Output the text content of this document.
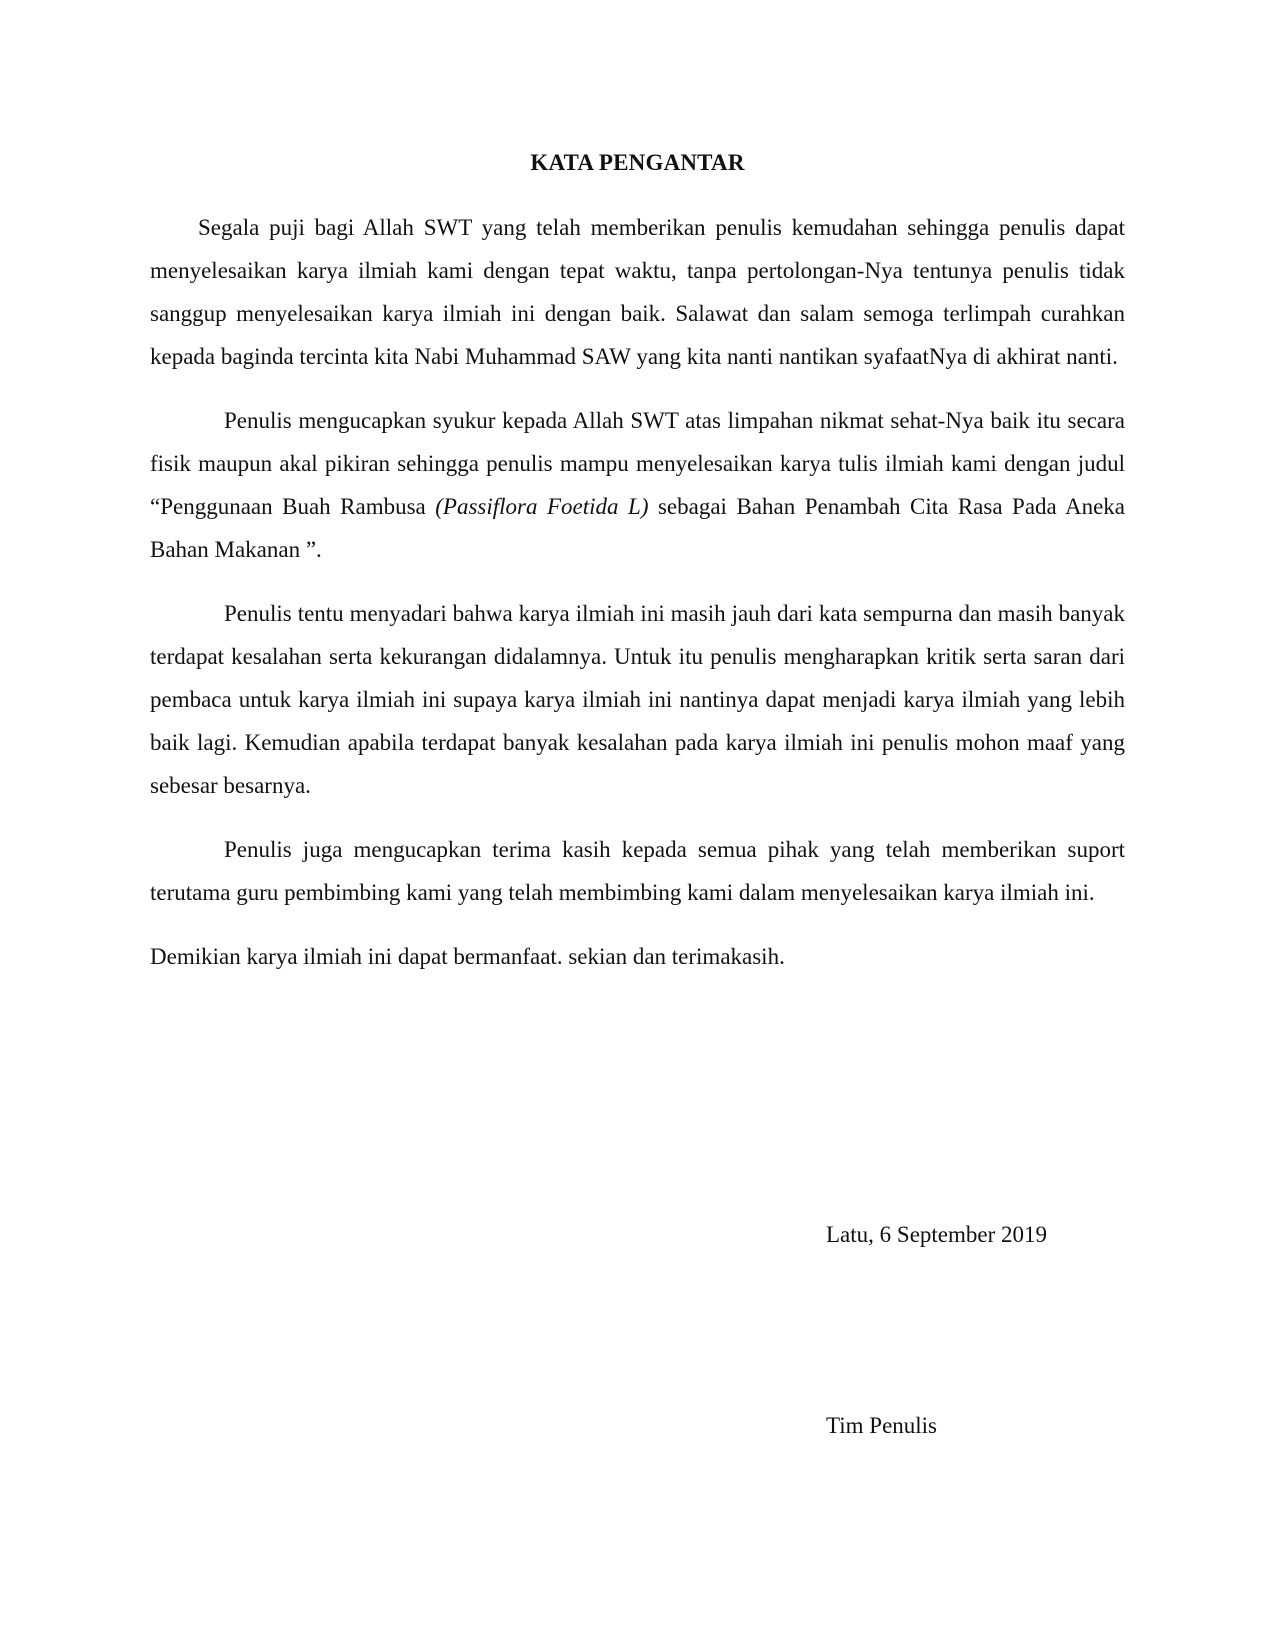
KATA PENGANTAR

Segala puji bagi Allah SWT yang telah memberikan penulis kemudahan sehingga penulis dapat menyelesaikan karya ilmiah kami dengan tepat waktu, tanpa pertolongan-Nya tentunya penulis tidak sanggup menyelesaikan karya ilmiah ini dengan baik. Salawat dan salam semoga terlimpah curahkan kepada baginda tercinta kita Nabi Muhammad SAW yang kita nanti nantikan syafaatNya di akhirat nanti.

Penulis mengucapkan syukur kepada Allah SWT atas limpahan nikmat sehat-Nya baik itu secara fisik maupun akal pikiran sehingga penulis mampu menyelesaikan karya tulis ilmiah kami dengan judul “Penggunaan Buah Rambusa (Passiflora Foetida L) sebagai Bahan Penambah Cita Rasa Pada Aneka Bahan Makanan ”.

Penulis tentu menyadari bahwa karya ilmiah ini masih jauh dari kata sempurna dan masih banyak terdapat kesalahan serta kekurangan didalamnya. Untuk itu penulis mengharapkan kritik serta saran dari pembaca untuk karya ilmiah ini supaya karya ilmiah ini nantinya dapat menjadi karya ilmiah yang lebih baik lagi. Kemudian apabila terdapat banyak kesalahan pada karya ilmiah ini penulis mohon maaf yang sebesar besarnya.

Penulis juga mengucapkan terima kasih kepada semua pihak yang telah memberikan suport terutama guru pembimbing kami yang telah membimbing kami dalam menyelesaikan karya ilmiah ini.

Demikian karya ilmiah ini dapat bermanfaat. sekian dan terimakasih.

Latu, 6 September 2019

Tim Penulis
